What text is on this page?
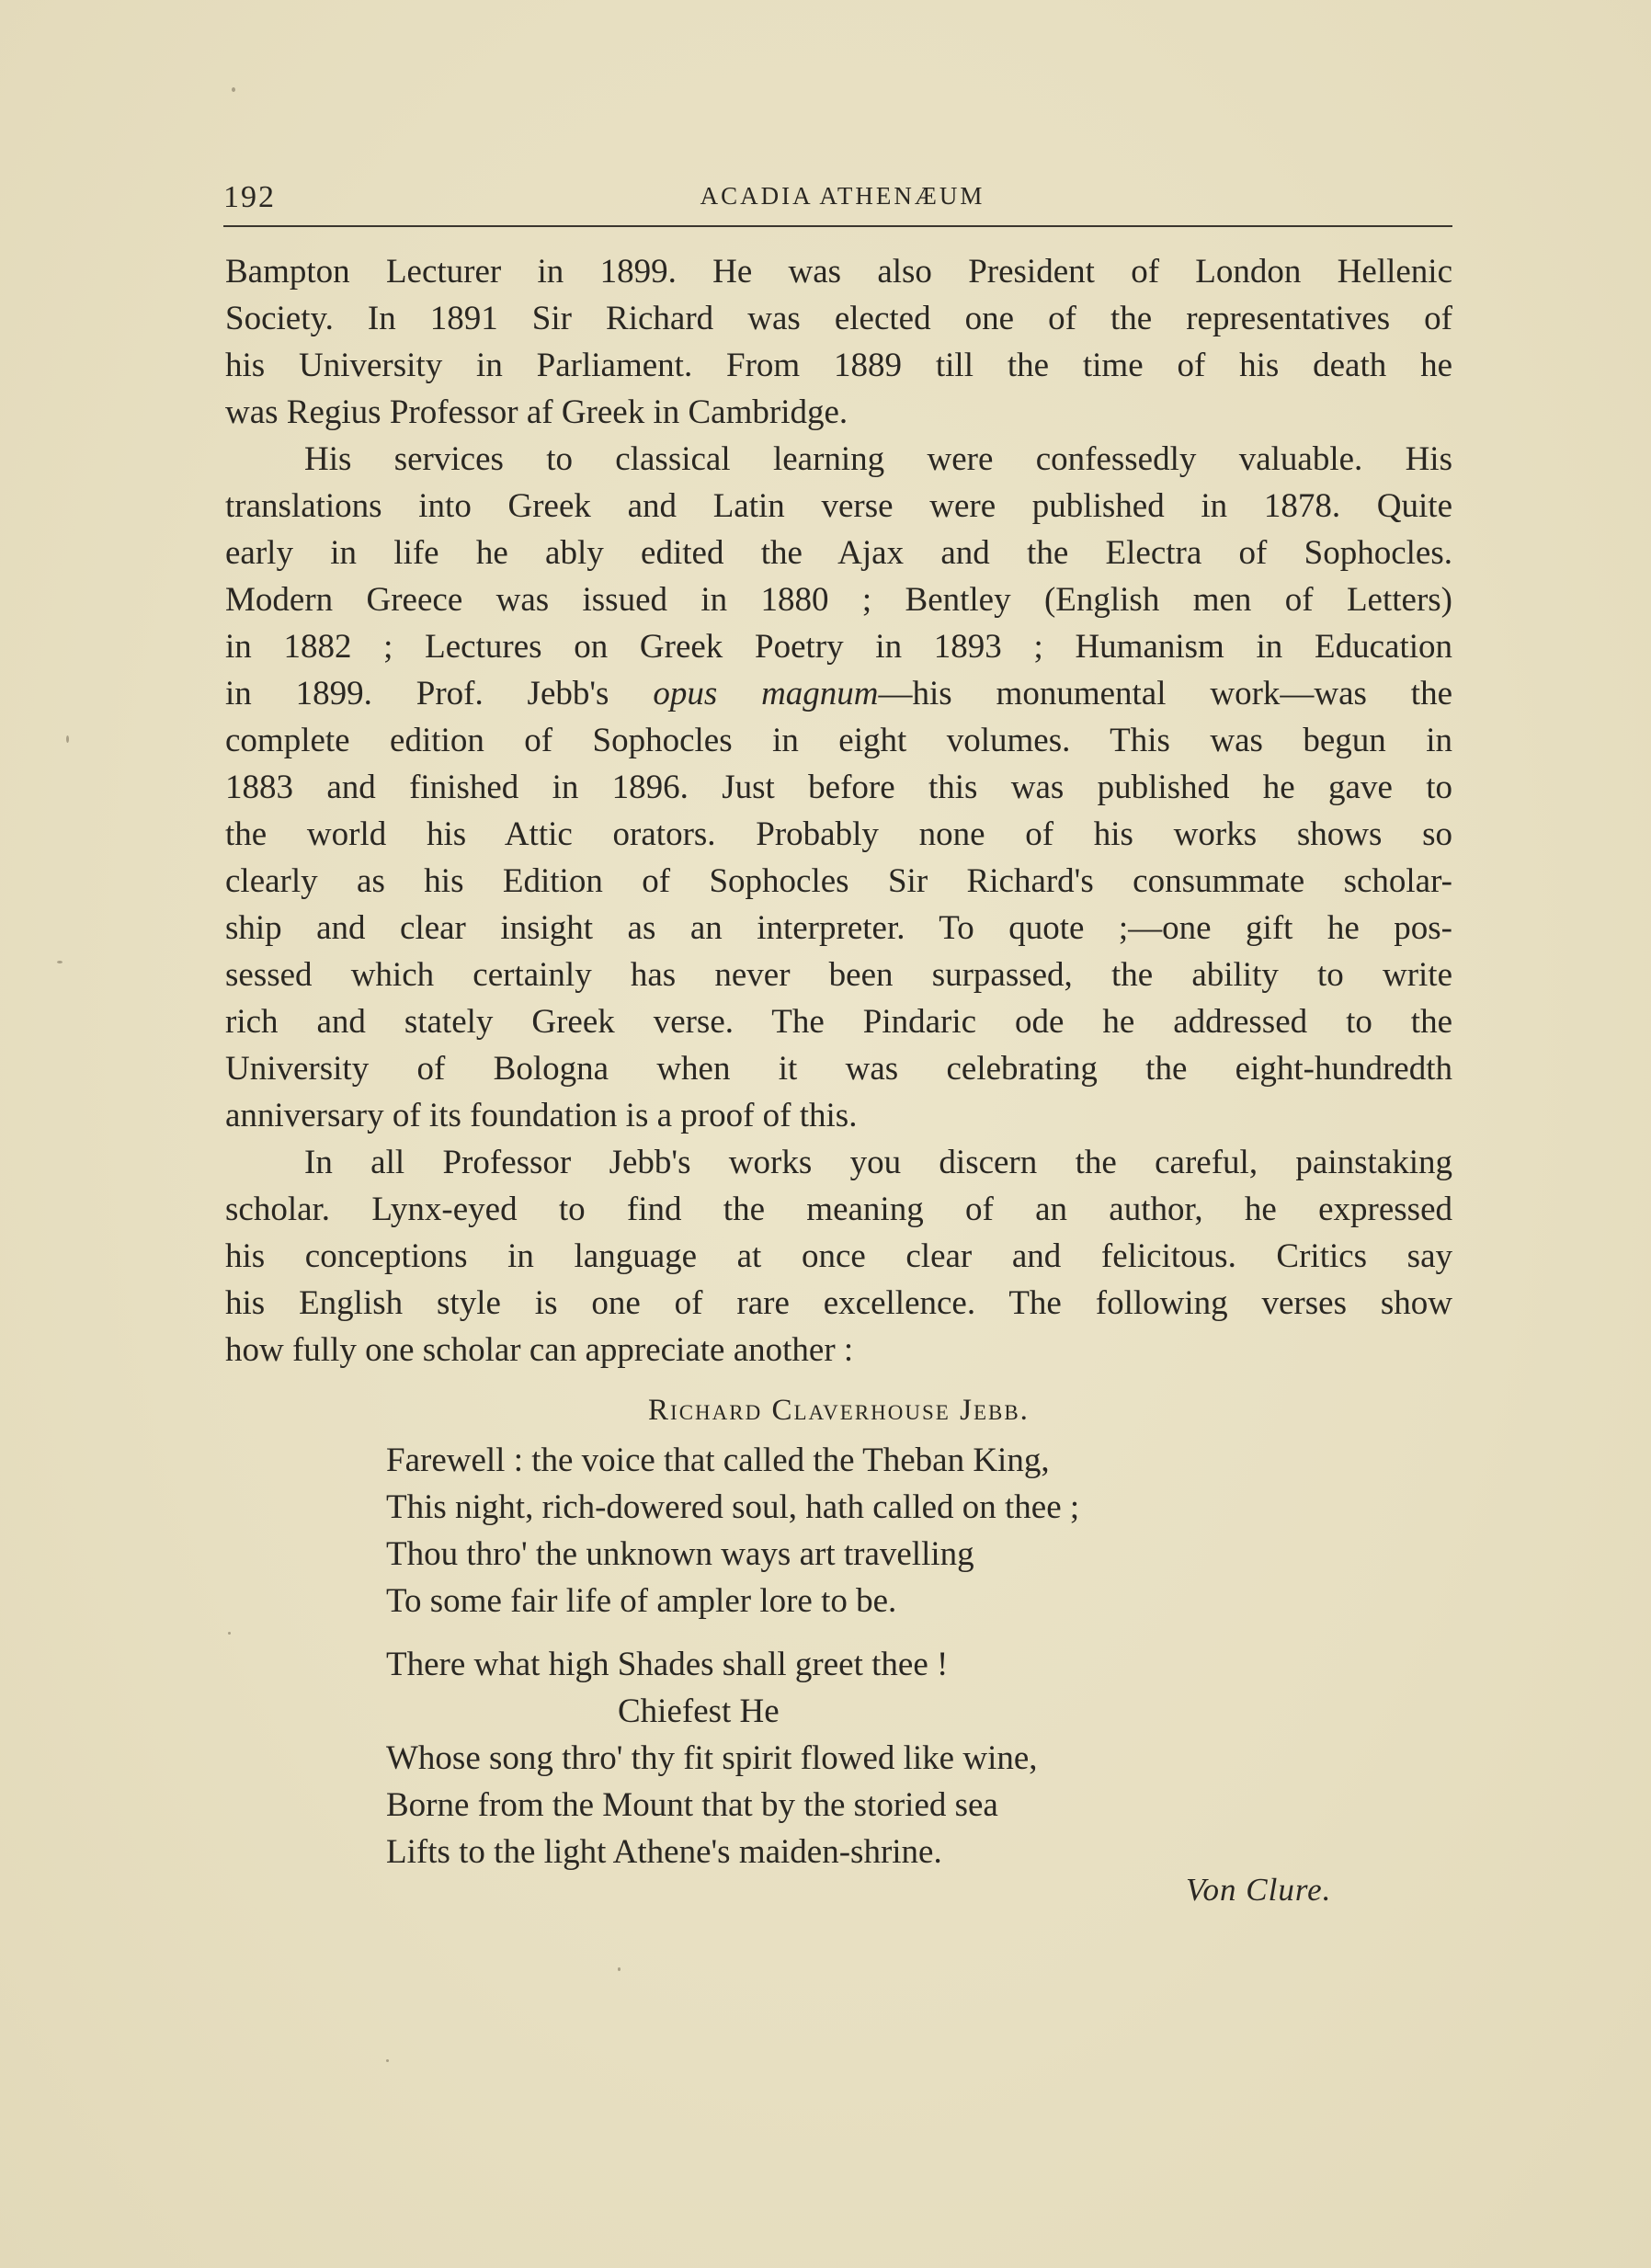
192	ACADIA ATHENÆUM
Bampton Lecturer in 1899. He was also President of London Hellenic
Society. In 1891 Sir Richard was elected one of the representatives of
his University in Parliament. From 1889 till the time of his death he
was Regius Professor af Greek in Cambridge.
His services to classical learning were confessedly valuable. His
translations into Greek and Latin verse were published in 1878. Quite
early in life he ably edited the Ajax and the Electra of Sophocles.
Modern Greece was issued in 1880 ; Bentley (English men of Letters)
in 1882 ; Lectures on Greek Poetry in 1893 ; Humanism in Education
in 1899. Prof. Jebb's opus magnum—his monumental work—was the
complete edition of Sophocles in eight volumes. This was begun in
1883 and finished in 1896. Just before this was published he gave to
the world his Attic orators. Probably none of his works shows so
clearly as his Edition of Sophocles Sir Richard's consummate scholar-
ship and clear insight as an interpreter. To quote ;—one gift he pos-
sessed which certainly has never been surpassed, the ability to write
rich and stately Greek verse. The Pindaric ode he addressed to the
University of Bologna when it was celebrating the eight-hundredth
anniversary of its foundation is a proof of this.
In all Professor Jebb's works you discern the careful, painstaking
scholar. Lynx-eyed to find the meaning of an author, he expressed
his conceptions in language at once clear and felicitous. Critics say
his English style is one of rare excellence. The following verses show
how fully one scholar can appreciate another :
Richard Claverhouse Jebb.
Farewell : the voice that called the Theban King,
This night, rich-dowered soul, hath called on thee ;
Thou thro' the unknown ways art travelling
To some fair life of ampler lore to be.
There what high Shades shall greet thee !
Chiefest He
Whose song thro' thy fit spirit flowed like wine,
Borne from the Mount that by the storied sea
Lifts to the light Athene's maiden-shrine.
Von Clure.
